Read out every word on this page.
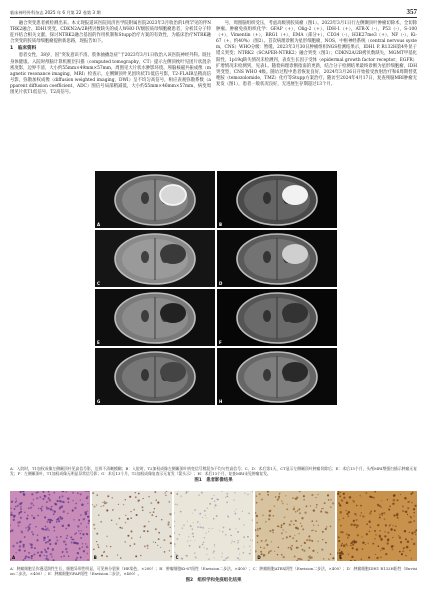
临床神经外科杂志 2025 年 6 月第 22 卷第 3 期	357

融合突变患者被检测出来。本文现报道该医院同济医学院附属医院2023年3月收治的1例罕见的伴NTRK2融合、IDH1突变、CDKN2A/2B拷贝数缺失的成人WHO IV级胶质母细胞瘤患者，分析其分子特征并结合相关文献，探讨NTRK2融合基因的作用机制和Stupp治疗方案的有效性，为临床治疗NTRK融合突变的胶质母细胞瘤提供新思路，现报告如下。

1　临床资料

患者女性，38岁，因“突发意识不清、肢体抽搐急症”于2023年3月1日收治入该医院神经外科。既往身体健康。入院时颅脑计算机断层扫描（computed tomography，CT）提示左侧顶枕叶见团片状混杂密度影，边界不清，大小约55mm×49mm×57mm，周围见大片状水肿影环绕。颅脑核磁共振成像（magnetic resonance imaging，MRI）检查示，左侧颞顶叶见团块状T1低信号影，T2-FLAIR呈稍高信号影，弥散加权成像（diffusion weighted imaging，DWI）呈不均匀高信号，相应表观弥散系数（apparent diffusion coefficient，ADC）图信号局部稍减低，大小约55mm×46mm×57mm，病变周围见片状T1低信号，T2高信号。

号，周围脑组织受压，考虑高级别胶质瘤（图1）。2023年3月1日行左侧颞顶叶肿瘤切除术，全切除肿瘤。肿瘤免疫组织化学：GFAP（+），Olig-2（+），IDH-1（+），ATR-X（-），P53（-），S-100（+），Vimentin（+），BRG1（+），EMA（部分+），CD34（-），H3K27me3（+），NF（-），Ki-67（+，约40%）（图2）。首次病理诊断为星形细胞瘤，NOS，中枢神经系统（central nervous system，CNS）WHO分级：暂缓。2023年3月30日肿瘤组织NGS检测结果示，IDH1 P. R132H第4外显子错义突变；NTRK2（SCAPER-NTRK2）融合突变（图3）；CDKN2A/2B拷贝数缺失，MGMT甲基化阳性，1p19q缺失情况未检测到，表皮生长因子受体（epidermal growth factor receptor，EGFR）扩增情况未检测到，见表1。随着病理诊断指南的更新，结合分子检测结果最终诊断为星形细胞瘤，IDH突变型，CNS WHO 4级。随访过程中患者恢复良好，2024年3月26日开始接受放射治疗和6周期替莫唑胺（temozolomide，TMZ）化疗等Stupp方案治疗。随访至2024年4月17日，复查颅脑MRI肿瘤无复发（图1），患者一般状况良好，无进展生存期超过13个月。

A	B
C	D
E	F
G	H
A：入院时，T1加权成像左侧颞顶叶见高信号影，边界不清晰模糊；B：入院时，T2加权成像左侧颞顶叶病变信号稍混杂不均匀性高信号；C、D：术后第1天，CT显示左侧颞顶叶肿瘤切除后；E：术后13个月，头颅MRI增强扫描示肿瘤无复发；F：左侧颞顶叶，T1加权成像无明显异常信号影；G：术后13个月，T2加权成像复查示无复发（箭头示）；H：术后13个月，复查MRI未见肿瘤复发。
图1　患者影像结果
A	B	C	D	E
A：肿瘤细胞呈弥漫浸润性生长，细胞异形性明显，可见核分裂象（HE染色，×200）；B：肿瘤细胞Ki-67阳性（Envision二步法，×400）；C：肿瘤细胞ATRX阴性（Envision二步法，×400）；D：肿瘤细胞IDH1 R132H阳性（Envision二步法，×400）；E：肿瘤细胞GFAP阳性（Envision二步法，×400）。
图2　组织学和免疫组化结果
